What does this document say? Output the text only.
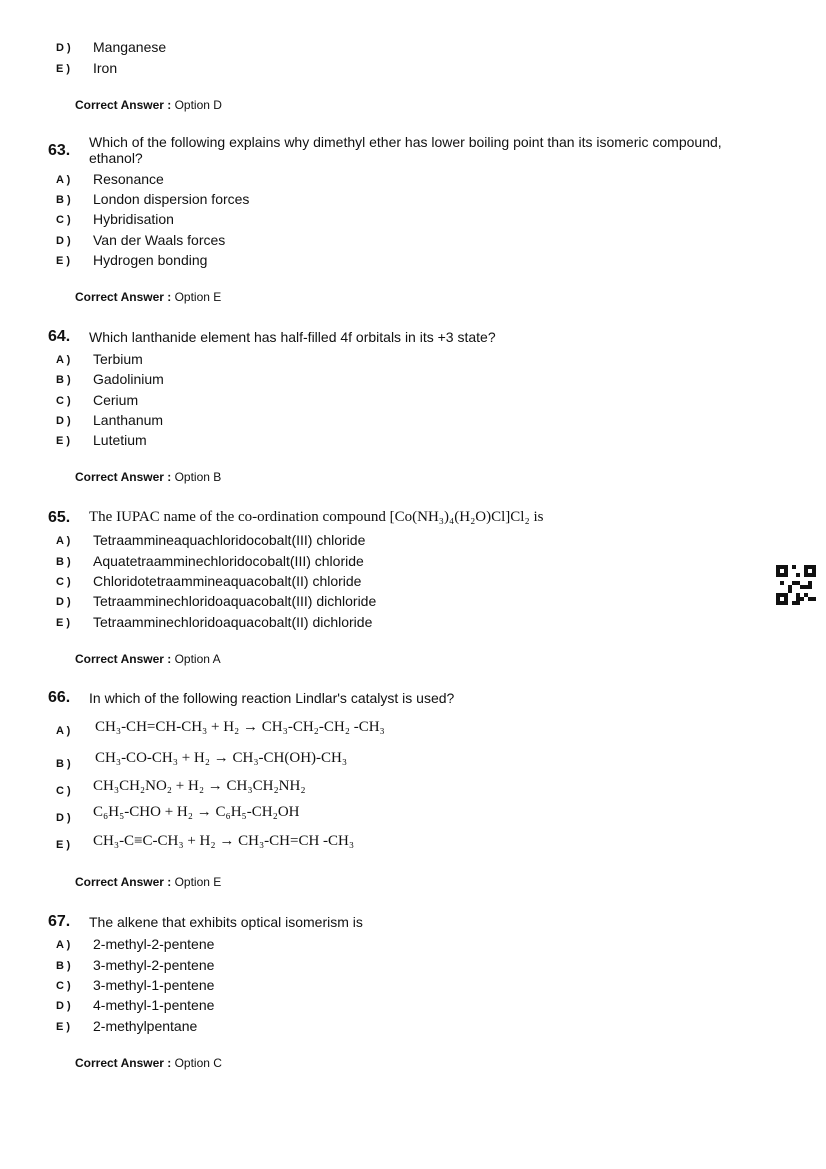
D ) Manganese
E ) Iron
Correct Answer : Option D
63. Which of the following explains why dimethyl ether has lower boiling point than its isomeric compound, ethanol?
A ) Resonance
B ) London dispersion forces
C ) Hybridisation
D ) Van der Waals forces
E ) Hydrogen bonding
Correct Answer : Option E
64. Which lanthanide element has half-filled 4f orbitals in its +3 state?
A ) Terbium
B ) Gadolinium
C ) Cerium
D ) Lanthanum
E ) Lutetium
Correct Answer : Option B
65. The IUPAC name of the co-ordination compound [Co(NH₃)₄(H₂O)Cl]Cl₂ is
A ) Tetraammineaquachloridocobalt(III) chloride
B ) Aquatetraamminechloridocobalt(III) chloride
C ) Chloridotetraammineaquacobalt(II) chloride
D ) Tetraamminechloridoaquacobalt(III) dichloride
E ) Tetraamminechloridoaquacobalt(II) dichloride
Correct Answer : Option A
66. In which of the following reaction Lindlar's catalyst is used?
A ) CH₃-CH=CH-CH₃ + H₂ → CH₃-CH₂-CH₂ -CH₃
B ) CH₃-CO-CH₃ + H₂ → CH₃-CH(OH)-CH₃
C ) CH₃CH₂NO₂ + H₂ → CH₃CH₂NH₂
D ) C₆H₅-CHO + H₂ → C₆H₅-CH₂OH
E ) CH₃-C≡C-CH₃ + H₂ → CH₃-CH=CH -CH₃
Correct Answer : Option E
67. The alkene that exhibits optical isomerism is
A ) 2-methyl-2-pentene
B ) 3-methyl-2-pentene
C ) 3-methyl-1-pentene
D ) 4-methyl-1-pentene
E ) 2-methylpentane
Correct Answer : Option C
